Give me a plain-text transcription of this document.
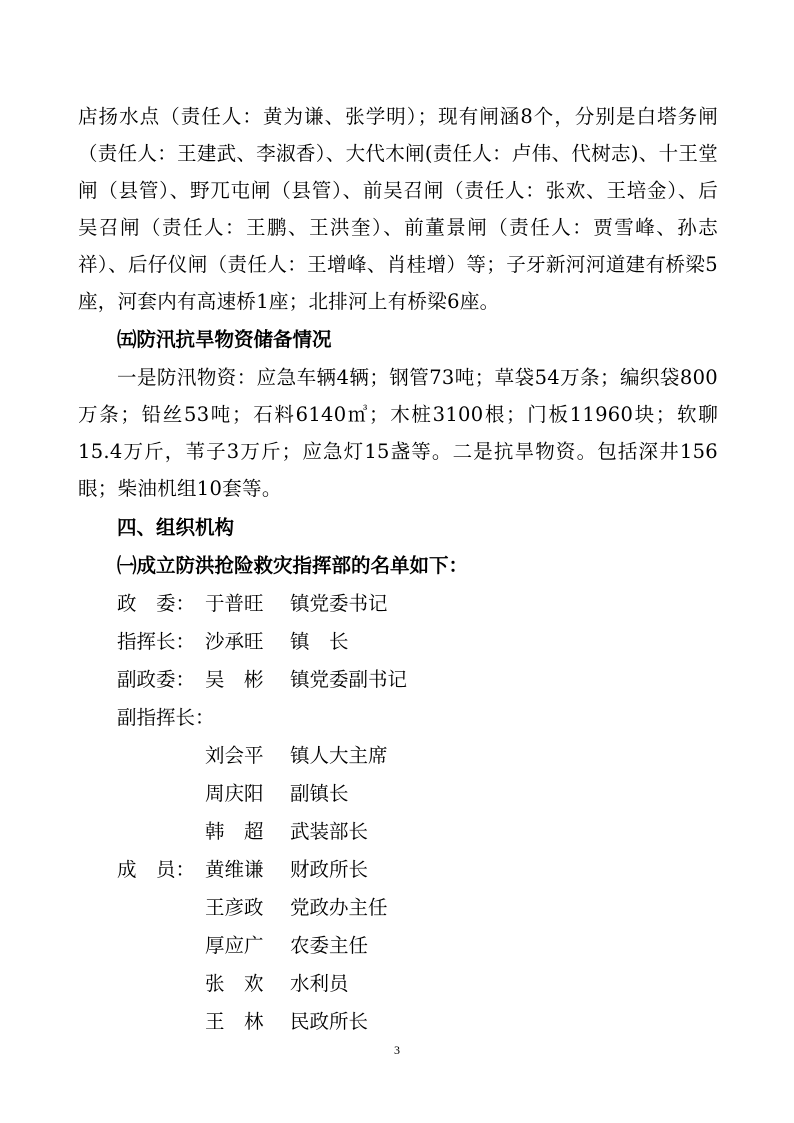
店扬水点（责任人：黄为谦、张学明）；现有闸涵8个，分别是白塔务闸（责任人：王建武、李淑香）、大代木闸(责任人：卢伟、代树志)、十王堂闸（县管）、野兀屯闸（县管）、前吴召闸（责任人：张欢、王培金）、后吴召闸（责任人：王鹏、王洪奎）、前董景闸（责任人：贾雪峰、孙志祥）、后仔仪闸（责任人：王增峰、肖桂增）等；子牙新河河道建有桥梁5座，河套内有高速桥1座；北排河上有桥梁6座。
㈤防汛抗旱物资储备情况
一是防汛物资：应急车辆4辆；钢管73吨；草袋54万条；编织袋800万条；铅丝53吨；石料6140㎥；木桩3100根；门板11960块；软聊15.4万斤，苇子3万斤；应急灯15盏等。二是抗旱物资。包括深井156眼；柴油机组10套等。
四、组织机构
㈠成立防洪抢险救灾指挥部的名单如下：
政　委： 于普旺 镇党委书记
指挥长： 沙承旺 镇　长
副政委： 吴　彬 镇党委副书记
副指挥长：
刘会平 镇人大主席
周庆阳 副镇长
韩　超 武装部长
成　员： 黄维谦 财政所长
王彦政 党政办主任
厚应广 农委主任
张　欢 水利员
王　林 民政所长
3
